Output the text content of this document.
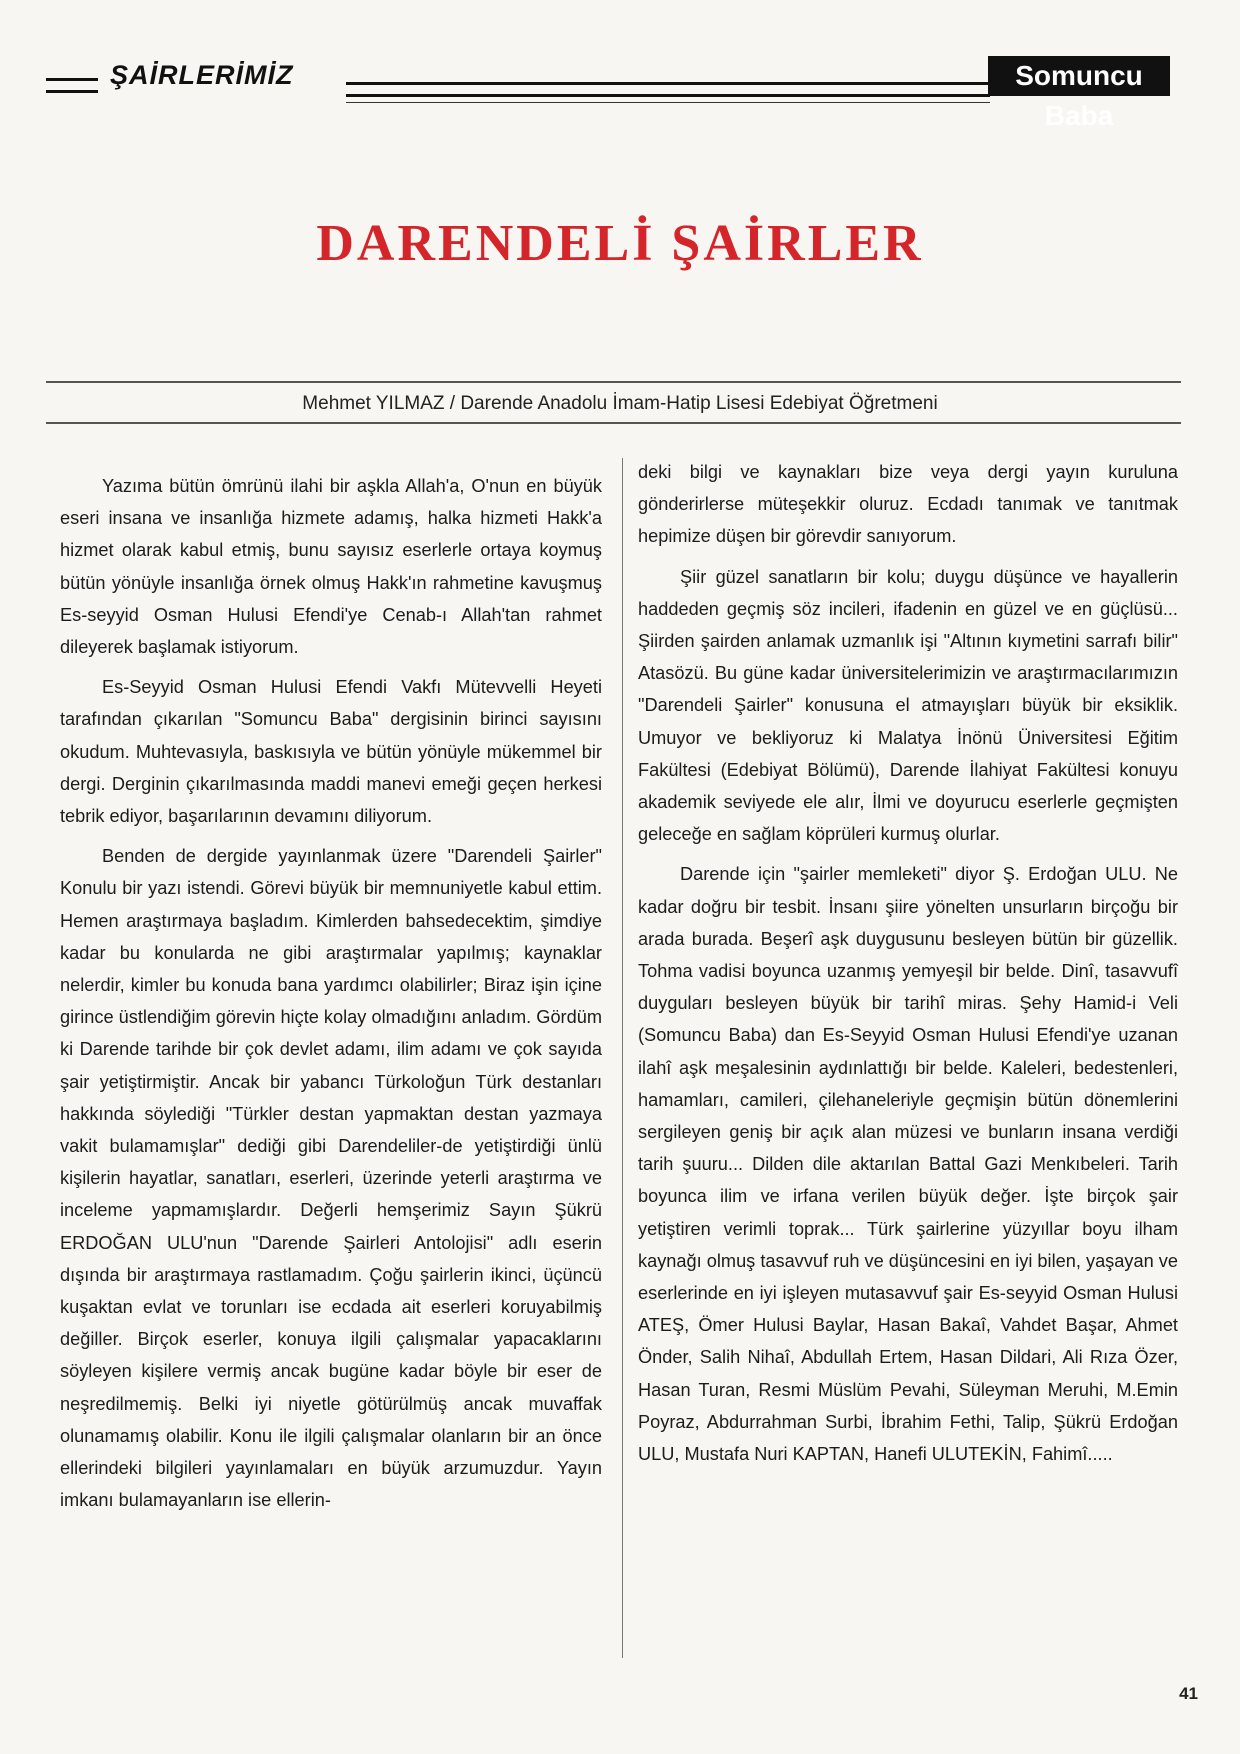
ŞAİRLERİMİZ	Somuncu Baba
DARENDELİ ŞAİRLER
Mehmet YILMAZ / Darende Anadolu İmam-Hatip Lisesi Edebiyat Öğretmeni

Yazıma bütün ömrünü ilahi bir aşkla Allah'a, O'nun en büyük eseri insana ve insanlığa hizmete adamış, halka hizmeti Hakk'a hizmet olarak kabul etmiş, bunu sayısız eserlerle ortaya koymuş bütün yönüyle insanlığa örnek olmuş Hakk'ın rahmetine kavuşmuş Es-seyyid Osman Hulusi Efendi'ye Cenab-ı Allah'tan rahmet dileyerek başlamak istiyorum.

Es-Seyyid Osman Hulusi Efendi Vakfı Mütevvelli Heyeti tarafından çıkarılan "Somuncu Baba" dergisinin birinci sayısını okudum. Muhtevasıyla, baskısıyla ve bütün yönüyle mükemmel bir dergi. Derginin çıkarılmasında maddi manevi emeği geçen herkesi tebrik ediyor, başarılarının devamını diliyorum.

Benden de dergide yayınlanmak üzere "Darendeli Şairler" Konulu bir yazı istendi. Görevi büyük bir memnuniyetle kabul ettim. Hemen araştırmaya başladım. Kimlerden bahsedecektim, şimdiye kadar bu konularda ne gibi araştırmalar yapılmış; kaynaklar nelerdir, kimler bu konuda bana yardımcı olabilirler; Biraz işin içine girince üstlendiğim görevin hiçte kolay olmadığını anladım. Gördüm ki Darende tarihde bir çok devlet adamı, ilim adamı ve çok sayıda şair yetiştirmiştir. Ancak bir yabancı Türkoloğun Türk destanları hakkında söylediği "Türkler destan yapmaktan destan yazmaya vakit bulamamışlar" dediği gibi Darendeliler-de yetiştirdiği ünlü kişilerin hayatlar, sanatları, eserleri, üzerinde yeterli araştırma ve inceleme yapmamışlardır. Değerli hemşerimiz Sayın Şükrü ERDOĞAN ULU'nun "Darende Şairleri Antolojisi" adlı eserin dışında bir araştırmaya rastlamadım. Çoğu şairlerin ikinci, üçüncü kuşaktan evlat ve torunları ise ecdada ait eserleri koruyabilmiş değiller. Birçok eserler, konuya ilgili çalışmalar yapacaklarını söyleyen kişilere vermiş ancak bugüne kadar böyle bir eser de neşredilmemiş. Belki iyi niyetle götürülmüş ancak muvaffak olunamamış olabilir. Konu ile ilgili çalışmalar olanların bir an önce ellerindeki bilgileri yayınlamaları en büyük arzumuzdur. Yayın imkanı bulamayanların ise ellerin-

deki bilgi ve kaynakları bize veya dergi yayın kuruluna gönderirlerse müteşekkir oluruz. Ecdadı tanımak ve tanıtmak hepimize düşen bir görevdir sanıyorum.

Şiir güzel sanatların bir kolu; duygu düşünce ve hayallerin haddeden geçmiş söz incileri, ifadenin en güzel ve en güçlüsü... Şiirden şairden anlamak uzmanlık işi "Altının kıymetini sarrafı bilir" Atasözü. Bu güne kadar üniversitelerimizin ve araştırmacılarımızın "Darendeli Şairler" konusuna el atmayışları büyük bir eksiklik. Umuyor ve bekliyoruz ki Malatya İnönü Üniversitesi Eğitim Fakültesi (Edebiyat Bölümü), Darende İlahiyat Fakültesi konuyu akademik seviyede ele alır, İlmi ve doyurucu eserlerle geçmişten geleceğe en sağlam köprüleri kurmuş olurlar.

Darende için "şairler memleketi" diyor Ş. Erdoğan ULU. Ne kadar doğru bir tesbit. İnsanı şiire yönelten unsurların birçoğu bir arada burada. Beşerî aşk duygusunu besleyen bütün bir güzellik. Tohma vadisi boyunca uzanmış yemyeşil bir belde. Dinî, tasavvufî duyguları besleyen büyük bir tarihî miras. Şehy Hamid-i Veli (Somuncu Baba) dan Es-Seyyid Osman Hulusi Efendi'ye uzanan ilahî aşk meşalesinin aydınlattığı bir belde. Kaleleri, bedestenleri, hamamları, camileri, çilehaneleriyle geçmişin bütün dönemlerini sergileyen geniş bir açık alan müzesi ve bunların insana verdiği tarih şuuru... Dilden dile aktarılan Battal Gazi Menkıbeleri. Tarih boyunca ilim ve irfana verilen büyük değer. İşte birçok şair yetiştiren verimli toprak... Türk şairlerine yüzyıllar boyu ilham kaynağı olmuş tasavvuf ruh ve düşüncesini en iyi bilen, yaşayan ve eserlerinde en iyi işleyen mutasavvuf şair Es-seyyid Osman Hulusi ATEŞ, Ömer Hulusi Baylar, Hasan Bakaî, Vahdet Başar, Ahmet Önder, Salih Nihaî, Abdullah Ertem, Hasan Dildari, Ali Rıza Özer, Hasan Turan, Resmi Müslüm Pevahi, Süleyman Meruhi, M.Emin Poyraz, Abdurrahman Surbi, İbrahim Fethi, Talip, Şükrü Erdoğan ULU, Mustafa Nuri KAPTAN, Hanefi ULUTEKİN, Fahimî.....

41
